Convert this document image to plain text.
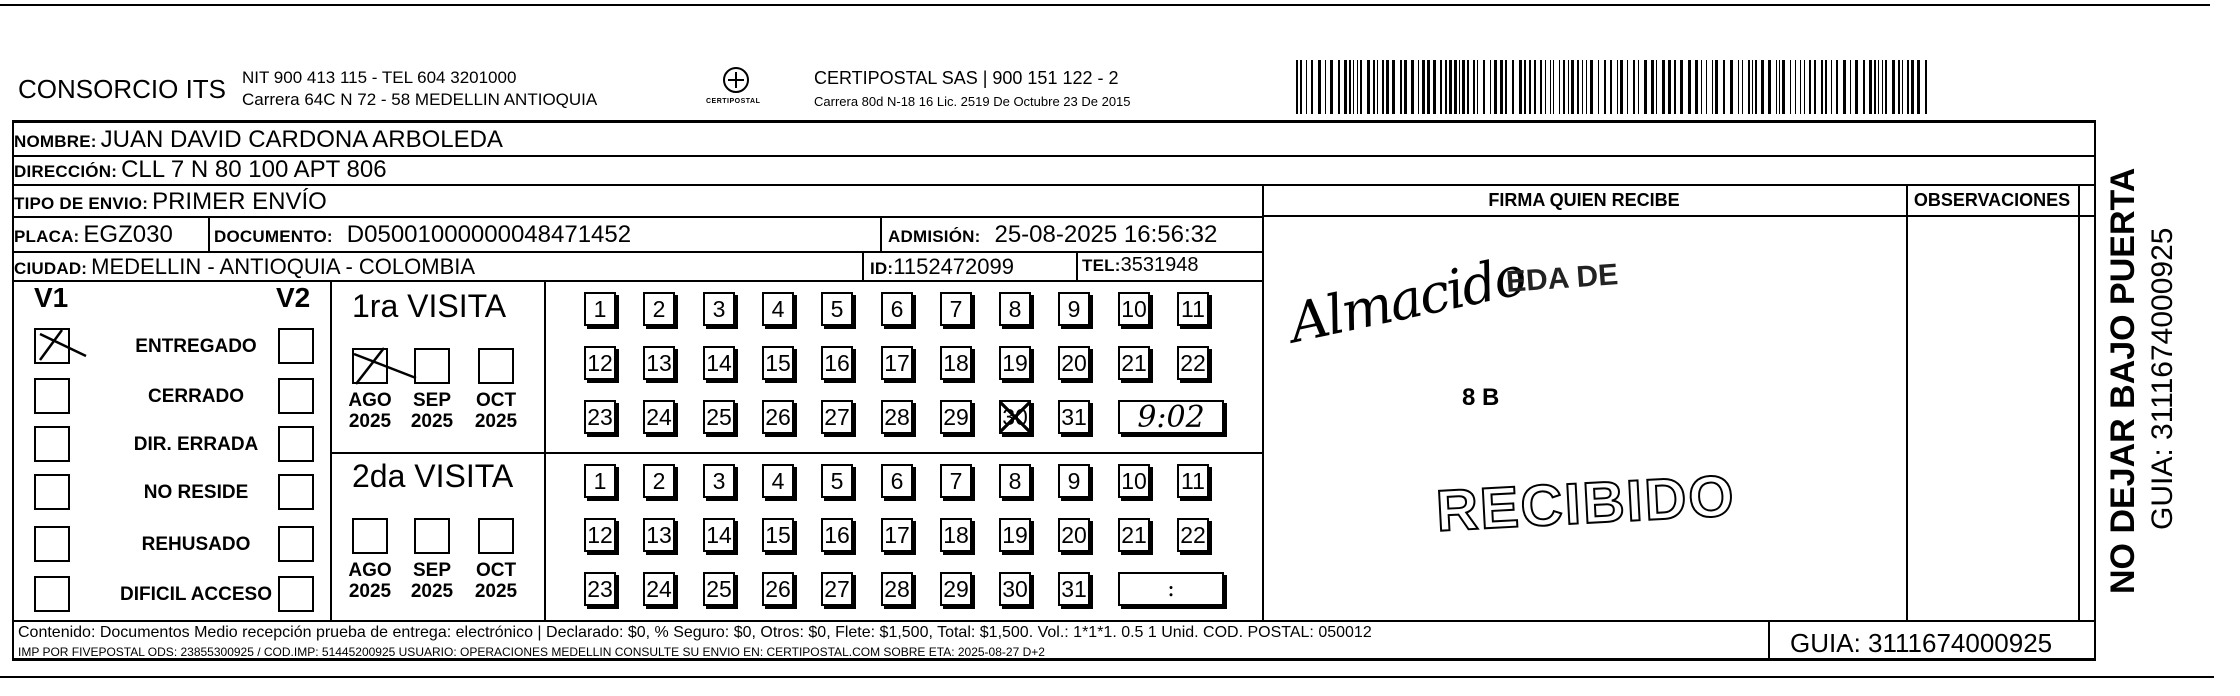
CONSORCIO ITS NIT 900 413 115 - TEL 604 3201000
Carrera 64C N 72 - 58 MEDELLIN ANTIOQUIA	CERTIPOSTAL
CERTIPOSTAL SAS | 900 151 122 - 2
Carrera 80d N-18 16 Lic. 2519 De Octubre 23 De 2015
NOMBRE: JUAN DAVID CARDONA ARBOLEDA
DIRECCIÓN: CLL 7 N 80 100 APT 806
TIPO DE ENVIO: PRIMER ENVÍO
PLACA: EGZ030 DOCUMENTO: D05001000000048471452	ADMISIÓN: 25-08-2025 16:56:32
CIUDAD: MEDELLIN - ANTIOQUIA - COLOMBIA	ID: 1152472099	TEL: 3531948
FIRMA QUIEN RECIBE	OBSERVACIONES
Almacido
EDA DE
8 B
RECIBIDO	NO DEJAR BAJO PUERTA GUIA: 3111674000925
V1	V2
ENTREGADO
CERRADO
DIR. ERRADA
NO RESIDE
REHUSADO
DIFICIL ACCESO
1ra VISITA
2da VISITA
AGO
2025
SEP
2025
OCT
2025
AGO
2025
SEP
2025
OCT
2025
1	2	3	4	5	6	7	8	9	10 11
12 13 14 15 16 17 18 19 20 21 22
23 24 25 26 27 28 29 30 31	9:02
1	2	3	4	5	6	7	8	9	10 11
12 13 14 15 16 17 18 19 20 21 22
23 24 25 26 27 28 29 30 31	:
Contenido: Documentos Medio recepción prueba de entrega: electrónico | Declarado: $0, % Seguro: $0, Otros: $0, Flete: $1,500, Total: $1,500. Vol.: 1*1*1. 0.5 1 Unid. COD. POSTAL: 050012
IMP POR FIVEPOSTAL ODS: 23855300925 / COD.IMP: 51445200925 USUARIO: OPERACIONES MEDELLIN CONSULTE SU ENVIO EN: CERTIPOSTAL.COM SOBRE ETA: 2025-08-27 D+2	GUIA: 3111674000925
